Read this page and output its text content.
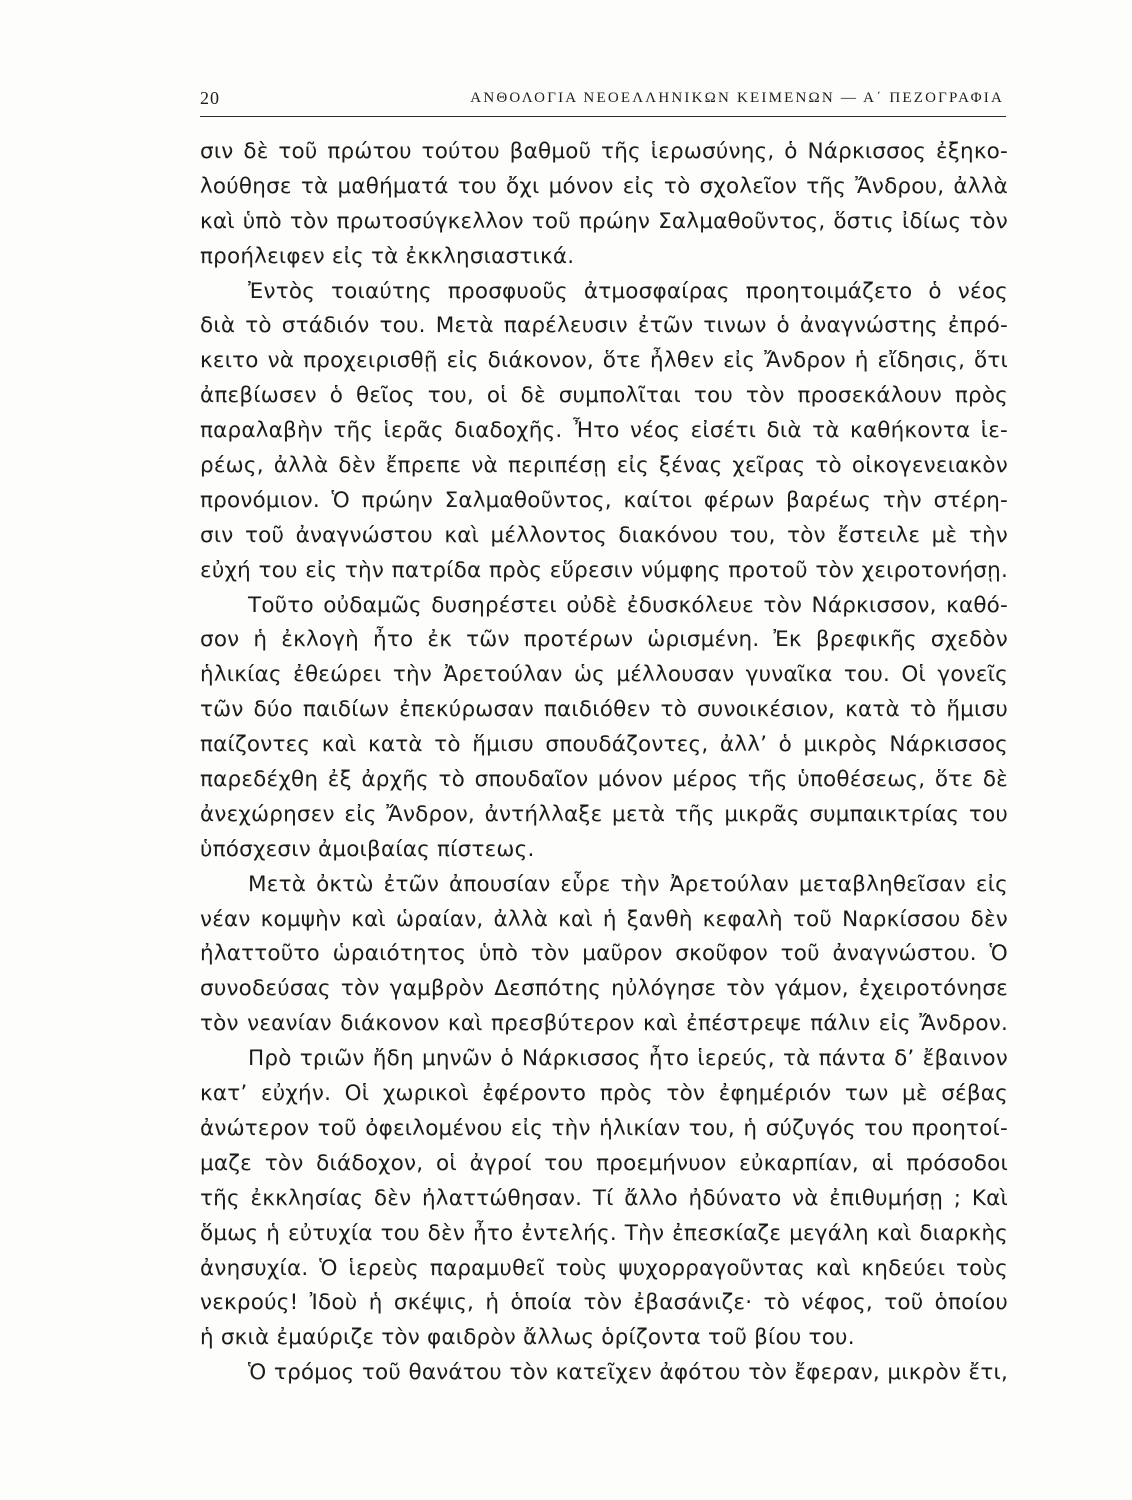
20	ΑΝΘΟΛΟΓΙΑ ΝΕΟΕΛΛΗΝΙΚΩΝ ΚΕΙΜΕΝΩΝ — Α΄ ΠΕΖΟΓΡΑΦΙΑ
σιν δὲ τοῦ πρώτου τούτου βαθμοῦ τῆς ἱερωσύνης, ὁ Νάρκισσος ἐξηκο-
λούθησε τὰ μαθήματά του ὄχι μόνον εἰς τὸ σχολεῖον τῆς Ἄνδρου, ἀλλὰ
καὶ ὑπὸ τὸν πρωτοσύγκελλον τοῦ πρώην Σαλμαθοῦντος, ὅστις ἰδίως τὸν
προήλειφεν εἰς τὰ ἐκκλησιαστικά.
Ἐντὸς τοιαύτης προσφυοῦς ἀτμοσφαίρας προητοιμάζετο ὁ νέος
διὰ τὸ στάδιόν του. Μετὰ παρέλευσιν ἐτῶν τινων ὁ ἀναγνώστης ἐπρό-
κειτο νὰ προχειρισθῇ εἰς διάκονον, ὅτε ἦλθεν εἰς Ἄνδρον ἡ εἴδησις, ὅτι
ἀπεβίωσεν ὁ θεῖος του, οἱ δὲ συμπολῖται του τὸν προσεκάλουν πρὸς
παραλαβὴν τῆς ἱερᾶς διαδοχῆς. Ἦτο νέος εἰσέτι διὰ τὰ καθήκοντα ἱε-
ρέως, ἀλλὰ δὲν ἔπρεπε νὰ περιπέσῃ εἰς ξένας χεῖρας τὸ οἰκογενειακὸν
προνόμιον. Ὁ πρώην Σαλμαθοῦντος, καίτοι φέρων βαρέως τὴν στέρη-
σιν τοῦ ἀναγνώστου καὶ μέλλοντος διακόνου του, τὸν ἔστειλε μὲ τὴν
εὐχή του εἰς τὴν πατρίδα πρὸς εὕρεσιν νύμφης προτοῦ τὸν χειροτονήσῃ.
Τοῦτο οὐδαμῶς δυσηρέστει οὐδὲ ἐδυσκόλευε τὸν Νάρκισσον, καθό-
σον ἡ ἐκλογὴ ἦτο ἐκ τῶν προτέρων ὡρισμένη. Ἐκ βρεφικῆς σχεδὸν
ἡλικίας ἐθεώρει τὴν Ἀρετούλαν ὡς μέλλουσαν γυναῖκα του. Οἱ γονεῖς
τῶν δύο παιδίων ἐπεκύρωσαν παιδιόθεν τὸ συνοικέσιον, κατὰ τὸ ἥμισυ
παίζοντες καὶ κατὰ τὸ ἥμισυ σπουδάζοντες, ἀλλ’ ὁ μικρὸς Νάρκισσος
παρεδέχθη ἐξ ἀρχῆς τὸ σπουδαῖον μόνον μέρος τῆς ὑποθέσεως, ὅτε δὲ
ἀνεχώρησεν εἰς Ἄνδρον, ἀντήλλαξε μετὰ τῆς μικρᾶς συμπαικτρίας του
ὑπόσχεσιν ἀμοιβαίας πίστεως.
Μετὰ ὀκτὼ ἐτῶν ἀπουσίαν εὗρε τὴν Ἀρετούλαν μεταβληθεῖσαν εἰς
νέαν κομψὴν καὶ ὡραίαν, ἀλλὰ καὶ ἡ ξανθὴ κεφαλὴ τοῦ Ναρκίσσου δὲν
ἠλαττοῦτο ὡραιότητος ὑπὸ τὸν μαῦρον σκοῦφον τοῦ ἀναγνώστου. Ὁ
συνοδεύσας τὸν γαμβρὸν Δεσπότης ηὐλόγησε τὸν γάμον, ἐχειροτόνησε
τὸν νεανίαν διάκονον καὶ πρεσβύτερον καὶ ἐπέστρεψε πάλιν εἰς Ἄνδρον.
Πρὸ τριῶν ἤδη μηνῶν ὁ Νάρκισσος ἦτο ἱερεύς, τὰ πάντα δ’ ἔβαινον
κατ’ εὐχήν. Οἱ χωρικοὶ ἐφέροντο πρὸς τὸν ἐφημέριόν των μὲ σέβας
ἀνώτερον τοῦ ὀφειλομένου εἰς τὴν ἡλικίαν του, ἡ σύζυγός του προητοί-
μαζε τὸν διάδοχον, οἱ ἀγροί του προεμήνυον εὐκαρπίαν, αἱ πρόσοδοι
τῆς ἐκκλησίας δὲν ἠλαττώθησαν. Τί ἄλλο ἠδύνατο νὰ ἐπιθυμήσῃ ; Καὶ
ὅμως ἡ εὐτυχία του δὲν ἦτο ἐντελής. Τὴν ἐπεσκίαζε μεγάλη καὶ διαρκὴς
ἀνησυχία. Ὁ ἱερεὺς παραμυθεῖ τοὺς ψυχορραγοῦντας καὶ κηδεύει τοὺς
νεκρούς! Ἰδοὺ ἡ σκέψις, ἡ ὁποία τὸν ἐβασάνιζε· τὸ νέφος, τοῦ ὁποίου
ἡ σκιὰ ἐμαύριζε τὸν φαιδρὸν ἄλλως ὁρίζοντα τοῦ βίου του.
Ὁ τρόμος τοῦ θανάτου τὸν κατεῖχεν ἀφότου τὸν ἔφεραν, μικρὸν ἔτι,
